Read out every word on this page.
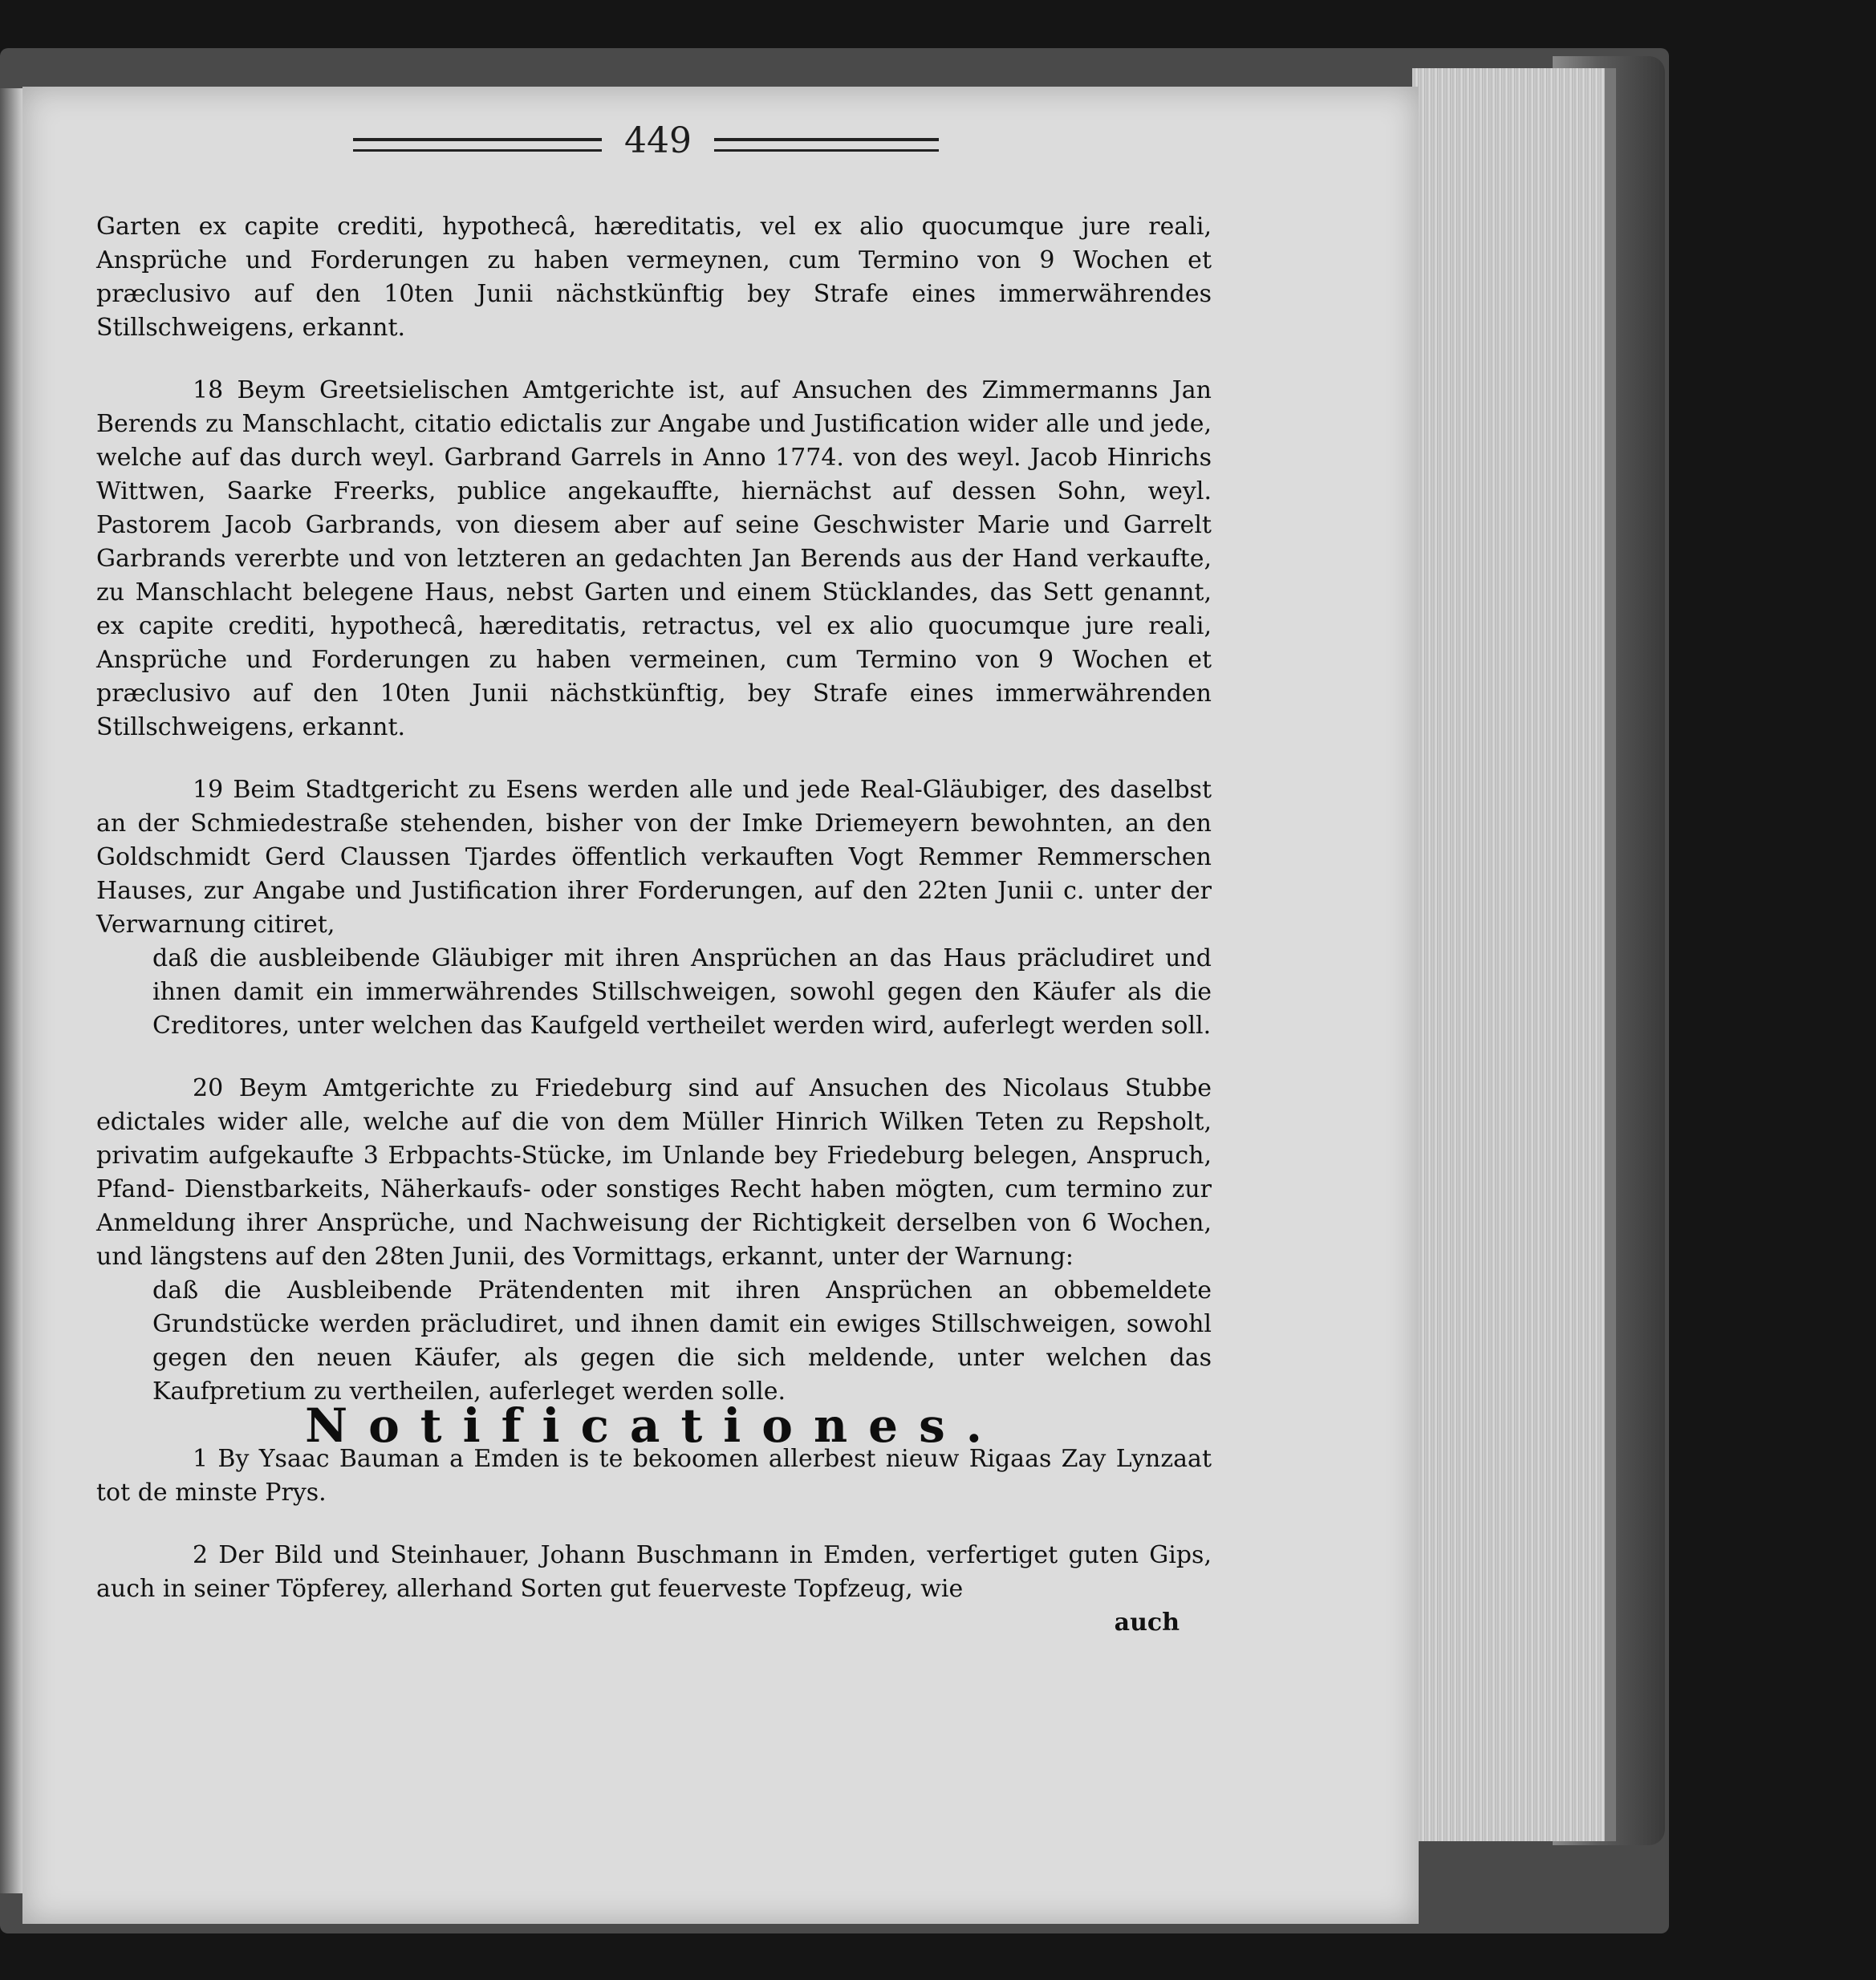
449

Garten ex capite crediti, hypothecâ, hæreditatis, vel ex alio quocumque jure reali, Ansprüche und Forderungen zu haben vermeynen, cum Termino von 9 Wochen et præclusivo auf den 10ten Junii nächstkünftig bey Strafe eines immerwährendes Stillschweigens, erkannt.

18 Beym Greetsielischen Amtgerichte ist, auf Ansuchen des Zimmermanns Jan Berends zu Manschlacht, citatio edictalis zur Angabe und Justification wider alle und jede, welche auf das durch weyl. Garbrand Garrels in Anno 1774. von des weyl. Jacob Hinrichs Wittwen, Saarke Freerks, publice angekauffte, hiernächst auf dessen Sohn, weyl. Pastorem Jacob Garbrands, von diesem aber auf seine Geschwister Marie und Garrelt Garbrands vererbte und von letzteren an gedachten Jan Berends aus der Hand verkaufte, zu Manschlacht belegene Haus, nebst Garten und einem Stücklandes, das Sett genannt, ex capite crediti, hypothecâ, hæreditatis, retractus, vel ex alio quocumque jure reali, Ansprüche und Forderungen zu haben vermeinen, cum Termino von 9 Wochen et præclusivo auf den 10ten Junii nächstkünftig, bey Strafe eines immerwährenden Stillschweigens, erkannt.

19 Beim Stadtgericht zu Esens werden alle und jede Real-Gläubiger, des daselbst an der Schmiedestraße stehenden, bisher von der Imke Driemeyern bewohnten, an den Goldschmidt Gerd Claussen Tjardes öffentlich verkauften Vogt Remmer Remmerschen Hauses, zur Angabe und Justification ihrer Forderungen, auf den 22ten Junii c. unter der Verwarnung citiret,

daß die ausbleibende Gläubiger mit ihren Ansprüchen an das Haus präcludiret und ihnen damit ein immerwährendes Stillschweigen, sowohl gegen den Käufer als die Creditores, unter welchen das Kaufgeld vertheilet werden wird, auferlegt werden soll.

20 Beym Amtgerichte zu Friedeburg sind auf Ansuchen des Nicolaus Stubbe edictales wider alle, welche auf die von dem Müller Hinrich Wilken Teten zu Repsholt, privatim aufgekaufte 3 Erbpachts-Stücke, im Unlande bey Friedeburg belegen, Anspruch, Pfand- Dienstbarkeits, Näherkaufs- oder sonstiges Recht haben mögten, cum termino zur Anmeldung ihrer Ansprüche, und Nachweisung der Richtigkeit derselben von 6 Wochen, und längstens auf den 28ten Junii, des Vormittags, erkannt, unter der Warnung:

daß die Ausbleibende Prätendenten mit ihren Ansprüchen an obbemeldete Grundstücke werden präcludiret, und ihnen damit ein ewiges Stillschweigen, sowohl gegen den neuen Käufer, als gegen die sich meldende, unter welchen das Kaufpretium zu vertheilen, auferleget werden solle.

Notificationes.

1 By Ysaac Bauman a Emden is te bekoomen allerbest nieuw Rigaas Zay Lynzaat tot de minste Prys.

2 Der Bild und Steinhauer, Johann Buschmann in Emden, verfertiget guten Gips, auch in seiner Töpferey, allerhand Sorten gut feuerveste Topfzeug, wie

auch
